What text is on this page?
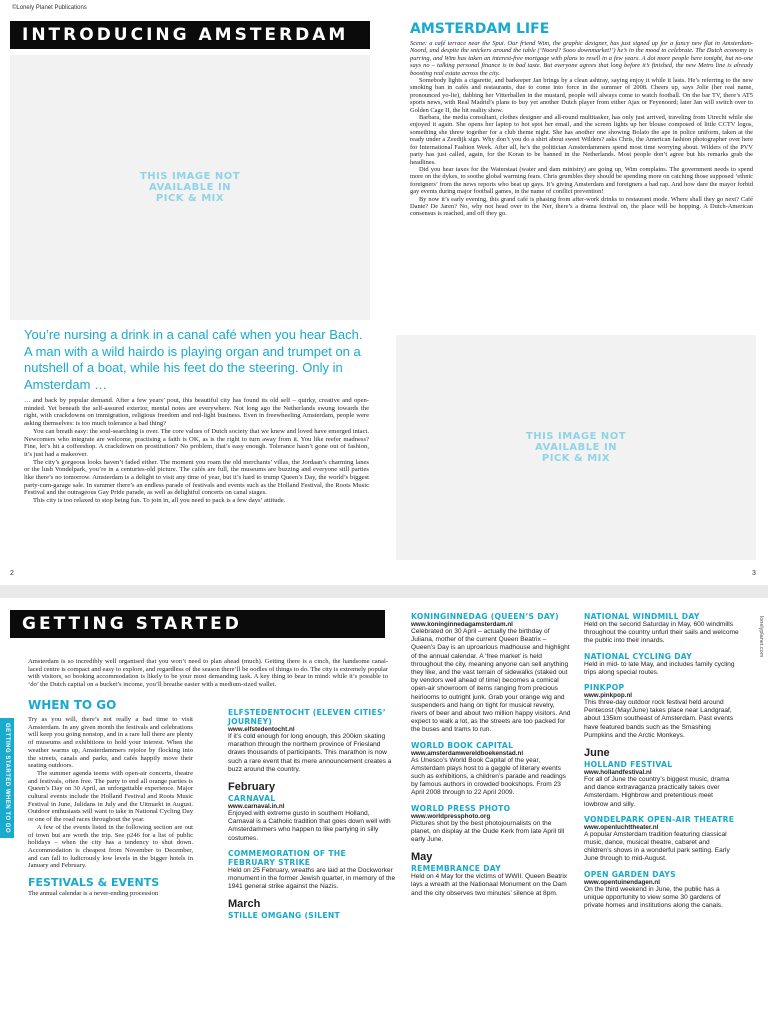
©Lonely Planet Publications
INTRODUCING AMSTERDAM
THIS IMAGE NOT AVAILABLE IN PICK & MIX
You’re nursing a drink in a canal café when you hear Bach. A man with a wild hairdo is playing organ and trumpet on a nutshell of a boat, while his feet do the steering. Only in Amsterdam …

… and back by popular demand. After a few years’ pout, this beautiful city has found its old self – quirky, creative and open-minded. Yet beneath the self-assured exterior, mental notes are everywhere. Not long ago the Netherlands swung towards the right, with crackdowns on immigration, religious freedom and red-light business. Even in freewheeling Amsterdam, people were asking themselves: is too much tolerance a bad thing?

You can breath easy: the soul-searching is over. The core values of Dutch society that we knew and loved have emerged intact. Newcomers who integrate are welcome, practising a faith is OK, as is the right to turn away from it. You like reefer madness? Fine, let’s hit a coffeeshop. A crackdown on prostitution? No problem, that’s easy enough. Tolerance hasn’t gone out of fashion, it’s just had a makeover.

The city’s gorgeous looks haven’t faded either. The moment you roam the old merchants’ villas, the Jordaan’s charming lanes or the lush Vondelpark, you’re in a centuries-old picture. The cafés are full, the museums are buzzing and everyone still parties like there’s no tomorrow. Amsterdam is a delight to visit any time of year, but it’s hard to trump Queen’s Day, the world’s biggest party-cum-garage sale. In summer there’s an endless parade of festivals and events such as the Holland Festival, the Roots Music Festival and the outrageous Gay Pride parade, as well as delightful concerts on canal stages.

This city is too relaxed to stop being fun. To join in, all you need to pack is a few days’ attitude.

2	3
AMSTERDAM LIFE

Scene: a café terrace near the Spui. Our friend Wim, the graphic designer, has just signed up for a fancy new flat in Amsterdam-Noord, and despite the snickers around the table (‘Noord? Sooo downmarket!’) he’s in the mood to celebrate. The Dutch economy is purring, and Wim has taken an interest-free mortgage with plans to resell in a few years. A dot more people here tonight, but no-one says no – talking personal finance is in bad taste. But everyone agrees that long before it’s finished, the new Metro line is already boosting real estate across the city.

Somebody lights a cigarette, and barkeeper Jan brings by a clean ashtray, saying enjoy it while it lasts. He’s referring to the new smoking ban in cafés and restaurants, due to come into force in the summer of 2008. Cheers up, says Jolie (her real name, pronounced yo-lie), dabbing her Vitterballen in the mustard, people will always come to watch football. On the bar TV, there’s AT5 sports news, with Real Madrid’s plans to buy yet another Dutch player from either Ajax or Feyenoord; later Jan will switch over to Golden Cage II, the hit reality show.

Barbara, the media consultant, clothes designer and all-round multitasker, has only just arrived, traveling from Utrecht while she enjoyed it again. She opens her laptop to hot spot her email, and the screen lights up her blouse composed of little CCTV logos, something she threw together for a club theme night. She has another one showing Bolato the ape in police uniform, taken at the ready under a Zeedijk sign. Why don’t you do a shirt about sweet Wilders? asks Chris, the American fashion photographer over here for International Fashion Week. After all, he’s the politician Amsterdammers spend most time worrying about. Wilders of the PVV party has just called, again, for the Koran to be banned in the Netherlands. Most people don’t agree but his remarks grab the headlines.

Did you hear taxes for the Waterstaat (water and dam ministry) are going up, Wim complains. The government needs to spend more on the dykes, to soothe global warming fears. Chris grumbles they should be spending more on catching those supposed ‘ethnic foreigners’ from the news reports who beat up gays. It’s giving Amsterdam and foreigners a bad rap. And how dare the mayor forbid gay events during major football games, in the name of conflict prevention!

By now it’s early evening, this grand café is phasing from after-work drinks to restaurant mode. Where shall they go next? Café Dante? De Jaren? No, why not head over to the Ner, there’s a drama festival on, the place will be hopping. A Dutch-American consensus is reached, and off they go.

THIS IMAGE NOT AVAILABLE IN PICK & MIX
GETTING STARTED
Amsterdam is so incredibly well organised that you won’t need to plan ahead (much). Getting there is a cinch, the handsome canal-laced centre is compact and easy to explore, and regardless of the season there’ll be oodles of things to do. The city is extremely popular with visitors, so booking accommodation is likely to be your most demanding task. A key thing to bear in mind: while it’s possible to ‘do’ the Dutch capital on a bucket’s income, you’ll breathe easier with a medium-sized wallet.
WHEN TO GO

Try as you will, there’s not really a bad time to visit Amsterdam. In any given month the festivals and celebrations will keep you going nonstop, and in a rare lull there are plenty of museums and exhibitions to hold your interest. When the weather warms up, Amsterdammers rejoice by flocking into the streets, canals and parks, and cafés happily move their seating outdoors.

The summer agenda teems with open-air concerts, theatre and festivals, often free. The party to end all orange parties is Queen’s Day on 30 April, an unforgettable experience. Major cultural events include the Holland Festival and Roots Music Festival in June, Julidans in July and the Uitmarkt in August. Outdoor enthusiasts will want to take in National Cycling Day or one of the road races throughout the year.

A few of the events listed in the following section are out of town but are worth the trip. See p246 for a list of public holidays – when the city has a tendency to shut down. Accommodation is cheapest from November to December, and can fall to ludicrously low levels in the bigger hotels in January and February.

FESTIVALS & EVENTS
The annual calendar is a never-ending procession
ELFSTEDENTOCHT (ELEVEN CITIES’ JOURNEY)
www.elfstedentocht.nl
If it’s cold enough for long enough, this 200km skating marathon through the northern province of Friesland draws thousands of participants. This marathon is now such a rare event that its mere announcement creates a buzz around the country.
February
CARNAVAL
www.carnaval.in.nl
Enjoyed with extreme gusto in southern Holland, Carnaval is a Catholic tradition that goes down well with Amsterdammers who happen to like partying in silly costumes.
COMMEMORATION OF THE FEBRUARY STRIKE
Held on 25 February, wreaths are laid at the Dockworker monument in the former Jewish quarter, in memory of the 1941 general strike against the Nazis.
March
STILLE OMGANG (SILENT
KONINGINNEDAG (QUEEN’S DAY)
www.koninginnedagamsterdam.nl
Celebrated on 30 April – actually the birthday of Juliana, mother of the current Queen Beatrix – Queen’s Day is an uproarious madhouse and highlight of the annual calendar. A ‘free market’ is held throughout the city, meaning anyone can sell anything they like, and the vast terrain of sidewalks (staked out by vendors well ahead of time) becomes a comical open-air showroom of items ranging from precious heirlooms to outright junk. Grab your orange wig and suspenders and hang on tight for musical revelry, rivers of beer and about two million happy visitors. And expect to walk a lot, as the streets are too packed for the buses and trams to run.
WORLD BOOK CAPITAL
www.amsterdamwereldboekenstad.nl
As Unesco’s World Book Capital of the year, Amsterdam plays host to a gaggle of literary events such as exhibitions, a children’s parade and readings by famous authors in crowded bookshops. From 23 April 2008 through to 22 April 2009.
WORLD PRESS PHOTO
www.worldpressphoto.org
Pictures shot by the best photojournalists on the planet, on display at the Oude Kerk from late April till early June.
May
REMEMBRANCE DAY
Held on 4 May for the victims of WWII. Queen Beatrix lays a wreath at the Nationaal Monument on the Dam and the city observes two minutes’ silence at 8pm.
NATIONAL WINDMILL DAY
Held on the second Saturday in May, 600 windmills throughout the country unfurl their sails and welcome the public into their innards.
NATIONAL CYCLING DAY
Held in mid- to late May, and includes family cycling trips along special routes.
PINKPOP
www.pinkpop.nl
This three-day outdoor rock festival held around Pentecost (May/June) takes place near Landgraaf, about 135km southeast of Amsterdam. Past events have featured bands such as the Smashing Pumpkins and the Arctic Monkeys.
June
HOLLAND FESTIVAL
www.hollandfestival.nl
For all of June the country’s biggest music, drama and dance extravaganza practically takes over Amsterdam. Highbrow and pretentious meet lowbrow and silly.
VONDELPARK OPEN-AIR THEATRE
www.openluchttheater.nl
A popular Amsterdam tradition featuring classical music, dance, musical theatre, cabaret and children’s shows in a wonderful park setting. Early June through to mid-August.
OPEN GARDEN DAYS
www.opentuinendagen.nl
On the third weekend in June, the public has a unique opportunity to view some 30 gardens of private homes and institutions along the canals.
lonelyplanet.com
GETTING STARTED WHEN TO GO
